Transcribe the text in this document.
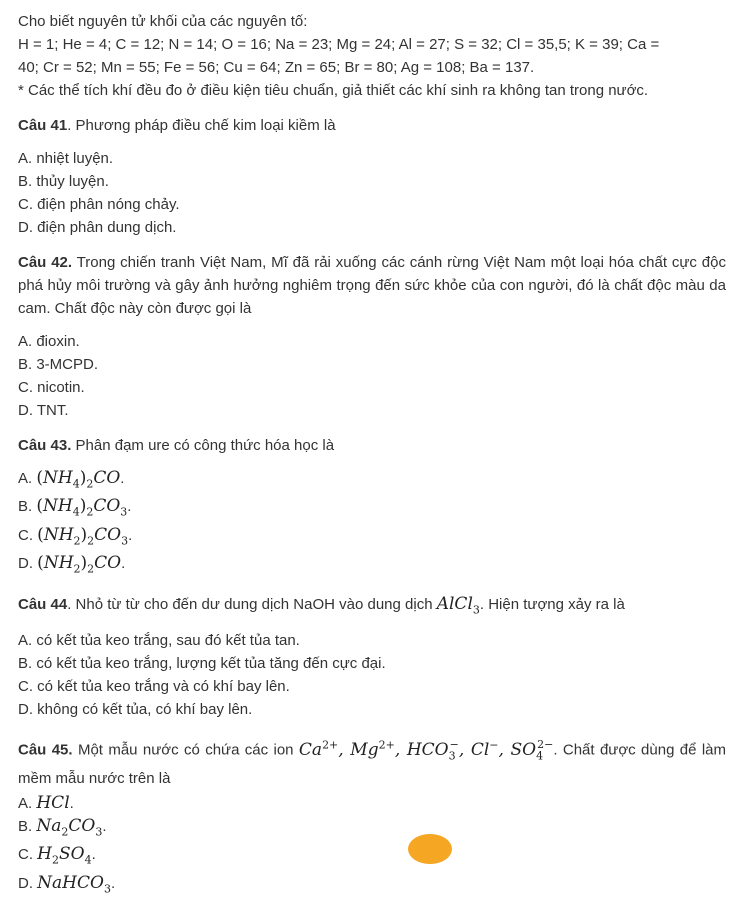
Cho biết nguyên tử khối của các nguyên tố:
H = 1; He = 4; C = 12; N = 14; O = 16; Na = 23; Mg = 24; Al = 27; S = 32; Cl = 35,5; K = 39; Ca =
40; Cr = 52; Mn = 55; Fe = 56; Cu = 64; Zn = 65; Br = 80; Ag = 108; Ba = 137.
* Các thể tích khí đều đo ở điều kiện tiêu chuẩn, giả thiết các khí sinh ra không tan trong nước.
Câu 41. Phương pháp điều chế kim loại kiềm là
A. nhiệt luyện.
B. thủy luyện.
C. điện phân nóng chảy.
D. điện phân dung dịch.
Câu 42. Trong chiến tranh Việt Nam, Mĩ đã rải xuống các cánh rừng Việt Nam một loại hóa chất cực độc phá hủy môi trường và gây ảnh hưởng nghiêm trọng đến sức khỏe của con người, đó là chất độc màu da cam. Chất độc này còn được gọi là
A. đioxin.
B. 3-MCPD.
C. nicotin.
D. TNT.
Câu 43. Phân đạm ure có công thức hóa học là
A. $(NH_4)_2CO$.
B. $(NH_4)_2CO_3$.
C. $(NH_2)_2CO_3$.
D. $(NH_2)_2CO$.
Câu 44. Nhỏ từ từ cho đến dư dung dịch NaOH vào dung dịch AlCl$_3$. Hiện tượng xảy ra là
A. có kết tủa keo trắng, sau đó kết tủa tan.
B. có kết tủa keo trắng, lượng kết tủa tăng đến cực đại.
C. có kết tủa keo trắng và có khí bay lên.
D. không có kết tủa, có khí bay lên.
Câu 45. Một mẫu nước có chứa các ion $Ca^{2+}$, $Mg^{2+}$, $HCO_3^-$, Cl−, $SO_4^{2-}$. Chất được dùng để làm mềm mẫu nước trên là
A. HCl.
B. $Na_2CO_3$.
C. $H_2SO_4$.
D. NaHCO$_3$.
